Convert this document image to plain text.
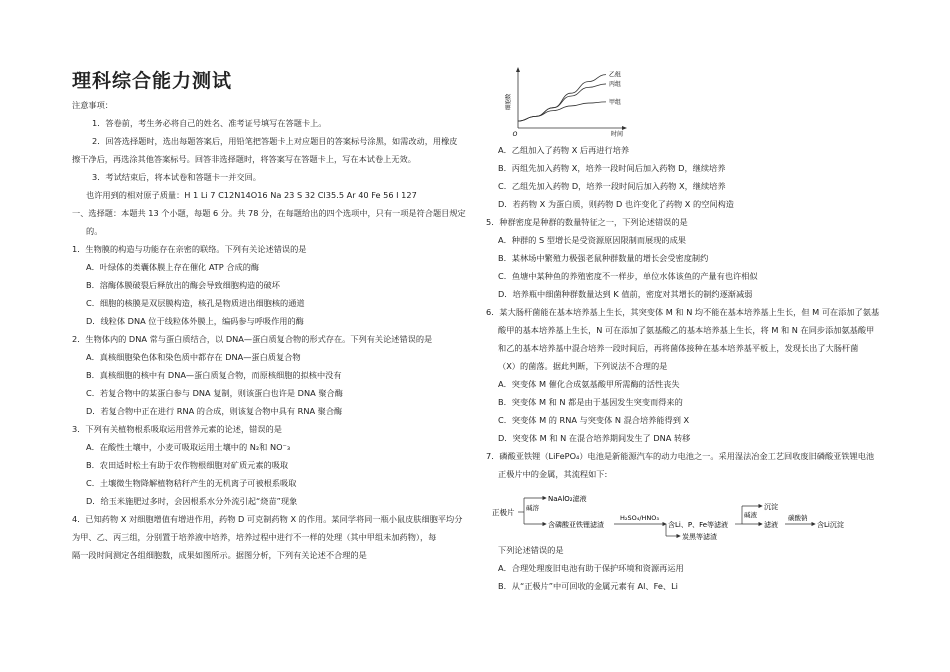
理科综合能力测试
注意事项：
1．答卷前，考生务必将自己的姓名、准考证号填写在答题卡上。
2．回答选择题时，选出每题答案后，用铅笔把答题卡上对应题目的答案标号涂黑，如需改动，用橡皮
擦干净后，再选涂其他答案标号。回答非选择题时，将答案写在答题卡上，写在本试卷上无效。
3．考试结束后，将本试卷和答题卡一并交回。
也许用到的相对原子质量：H 1 Li 7 C12N14O16 Na 23 S 32 Cl35.5 Ar 40 Fe 56 I 127
一、选择题：本题共 13 个小题，每题 6 分。共 78 分，在每题给出的四个选项中，只有一项是符合题目规定
的。
1．生物膜的构造与功能存在亲密的联络。下列有关论述错误的是
A．叶绿体的类囊体膜上存在催化 ATP 合成的酶
B．溶酶体膜破裂后释放出的酶会导致细胞构造的破坏
C．细胞的核膜是双层膜构造，核孔是物质进出细胞核的通道
D．线粒体 DNA 位于线粒体外膜上，编码参与呼吸作用的酶
2．生物体内的 DNA 常与蛋白质结合，以 DNA—蛋白质复合物的形式存在。下列有关论述错误的是
A．真核细胞染色体和染色质中都存在 DNA—蛋白质复合物
B．真核细胞的核中有 DNA—蛋白质复合物，而原核细胞的拟核中没有
C．若复合物中的某蛋白参与 DNA 复制，则该蛋白也许是 DNA 聚合酶
D．若复合物中正在进行 RNA 的合成，则该复合物中具有 RNA 聚合酶
3．下列有关植物根系吸取运用营养元素的论述，错误的是
A．在酸性土壤中，小麦可吸取运用土壤中的 N₂和 NO⁻₃
B．农田适时松土有助于农作物根细胞对矿质元素的吸取
C．土壤微生物降解植物秸秆产生的无机离子可被根系吸取
D．给玉米施肥过多时，会因根系水分外流引起“烧苗”现象
4．已知药物 X 对细胞增值有增进作用，药物 D 可克制药物 X 的作用。某同学将同一瓶小鼠皮肤细胞平均分
为甲、乙、丙三组，分别置于培养液中培养，培养过程中进行不一样的处理（其中甲组未加药物），每
隔一段时间测定各组细胞数，成果如图所示。据图分析，下列有关论述不合理的是
细胞数
时间
O
乙组
丙组
甲组
A．乙组加入了药物 X 后再进行培养
B．丙组先加入药物 X，培养一段时间后加入药物 D，继续培养
C．乙组先加入药物 D，培养一段时间后加入药物 X，继续培养
D．若药物 X 为蛋白质，则药物 D 也许变化了药物 X 的空间构造
5．种群密度是种群的数量特征之一，下列论述错误的是
A．种群的 S 型增长是受资源原因限制而展现的成果
B．某林场中繁殖力极强老鼠种群数量的增长会受密度制约
C．鱼塘中某种鱼的养殖密度不一样步，单位水体该鱼的产量有也许相似
D．培养瓶中细菌种群数量达到 K 值前，密度对其增长的制约逐渐减弱
6．某大肠杆菌能在基本培养基上生长，其突变体 M 和 N 均不能在基本培养基上生长，但 M 可在添加了氨基
酸甲的基本培养基上生长，N 可在添加了氨基酸乙的基本培养基上生长，将 M 和 N 在同步添加氨基酸甲
和乙的基本培养基中混合培养一段时间后，再将菌体接种在基本培养基平板上，发现长出了大肠杆菌
（X）的菌落。据此判断，下列说法不合理的是
A．突变体 M 催化合成氨基酸甲所需酶的活性丧失
B．突变体 M 和 N 都是由于基因发生突变而得来的
C．突变体 M 的 RNA 与突变体 N 混合培养能得到 X
D．突变体 M 和 N 在混合培养期间发生了 DNA 转移
7．磷酸亚铁锂（LiFePO₄）电池是新能源汽车的动力电池之一。采用湿法冶金工艺回收废旧磷酸亚铁锂电池
正极片中的金属，其流程如下:
下列论述错误的是
A．合理处理废旧电池有助于保护环境和资源再运用
B．从“正极片”中可回收的金属元素有 Al、Fe、Li
正极片 碱溶
NaAlO₂滤液
含磷酸亚铁锂滤渣
H₂SO₄/HNO₃
含Li、P、Fe等滤液
炭黑等滤渣
碱液
沉淀
滤液
碳酸钠
含Li沉淀
